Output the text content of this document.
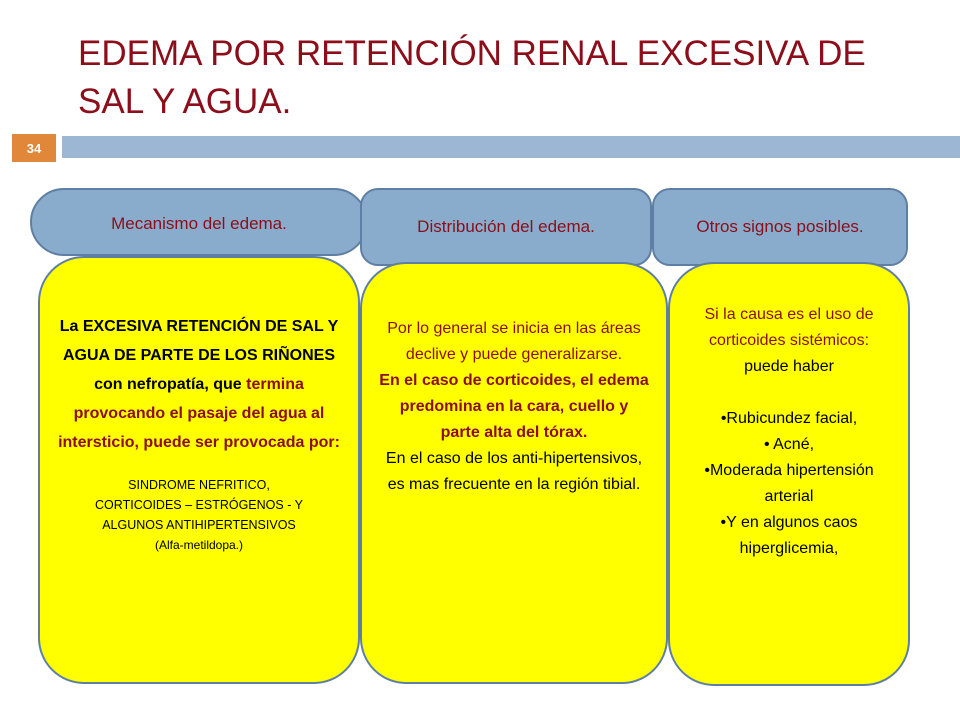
EDEMA POR RETENCIÓN RENAL EXCESIVA DE SAL Y AGUA.
34
Mecanismo del edema.	Distribución del edema.	Otros signos posibles.

La EXCESIVA RETENCIÓN DE SAL Y AGUA DE PARTE DE LOS RIÑONES con nefropatía, que termina provocando el pasaje del agua al intersticio, puede ser provocada por:

SINDROME NEFRITICO,
CORTICOIDES – ESTRÓGENOS - Y
ALGUNOS ANTIHIPERTENSIVOS
(Alfa-metildopa.)

Por lo general se inicia en las áreas declive y puede generalizarse.
En el caso de corticoides, el edema predomina en la cara, cuello y parte alta del tórax.
En el caso de los anti-hipertensivos, es mas frecuente en la región tibial.

Si la causa es el uso de corticoides sistémicos:
puede haber
•Rubicundez facial,
• Acné,
•Moderada hipertensión arterial
•Y en algunos caos hiperglicemia,
